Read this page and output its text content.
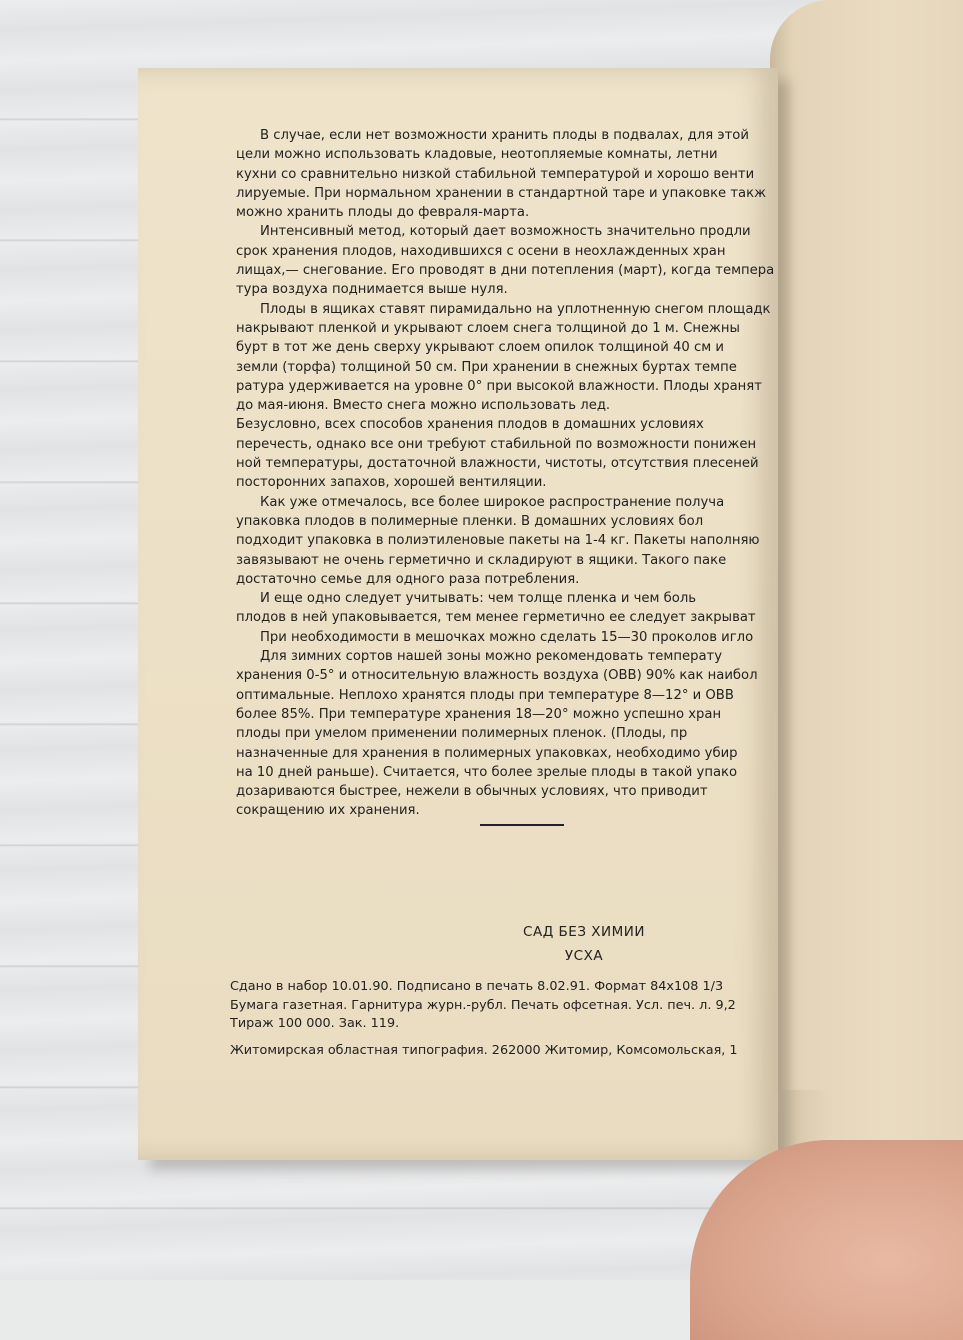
В случае, если нет возможности хранить плоды в подвалах, для этой
цели можно использовать кладовые, неотопляемые комнаты, летни
кухни со сравнительно низкой стабильной температурой и хорошо венти
лируемые. При нормальном хранении в стандартной таре и упаковке такж
можно хранить плоды до февраля-марта.
Интенсивный метод, который дает возможность значительно продли
срок хранения плодов, находившихся с осени в неохлажденных хран
лищах,— снегование. Его проводят в дни потепления (март), когда темпера
тура воздуха поднимается выше нуля.
Плоды в ящиках ставят пирамидально на уплотненную снегом площадк
накрывают пленкой и укрывают слоем снега толщиной до 1 м. Снежны
бурт в тот же день сверху укрывают слоем опилок толщиной 40 см и
земли (торфа) толщиной 50 см. При хранении в снежных буртах темпе
ратура удерживается на уровне 0° при высокой влажности. Плоды хранят
до мая-июня. Вместо снега можно использовать лед.
Безусловно, всех способов хранения плодов в домашних условиях
перечесть, однако все они требуют стабильной по возможности понижен
ной температуры, достаточной влажности, чистоты, отсутствия плесеней
посторонних запахов, хорошей вентиляции.
Как уже отмечалось, все более широкое распространение получа
упаковка плодов в полимерные пленки. В домашних условиях бол
подходит упаковка в полиэтиленовые пакеты на 1-4 кг. Пакеты наполняю
завязывают не очень герметично и складируют в ящики. Такого паке
достаточно семье для одного раза потребления.
И еще одно следует учитывать: чем толще пленка и чем боль
плодов в ней упаковывается, тем менее герметично ее следует закрыват
При необходимости в мешочках можно сделать 15—30 проколов игло
Для зимних сортов нашей зоны можно рекомендовать температу
хранения 0-5° и относительную влажность воздуха (ОВВ) 90% как наибол
оптимальные. Неплохо хранятся плоды при температуре 8—12° и ОВВ
более 85%. При температуре хранения 18—20° можно успешно хран
плоды при умелом применении полимерных пленок. (Плоды, пр
назначенные для хранения в полимерных упаковках, необходимо убир
на 10 дней раньше). Считается, что более зрелые плоды в такой упако
дозариваются быстрее, нежели в обычных условиях, что приводит
сокращению их хранения.
САД БЕЗ ХИМИИ
УСХА
Сдано в набор 10.01.90. Подписано в печать 8.02.91. Формат 84х108 1/3
Бумага газетная. Гарнитура журн.-рубл. Печать офсетная. Усл. печ. л. 9,2
Тираж 100 000. Зак. 119.
Житомирская областная типография. 262000 Житомир, Комсомольская, 1
